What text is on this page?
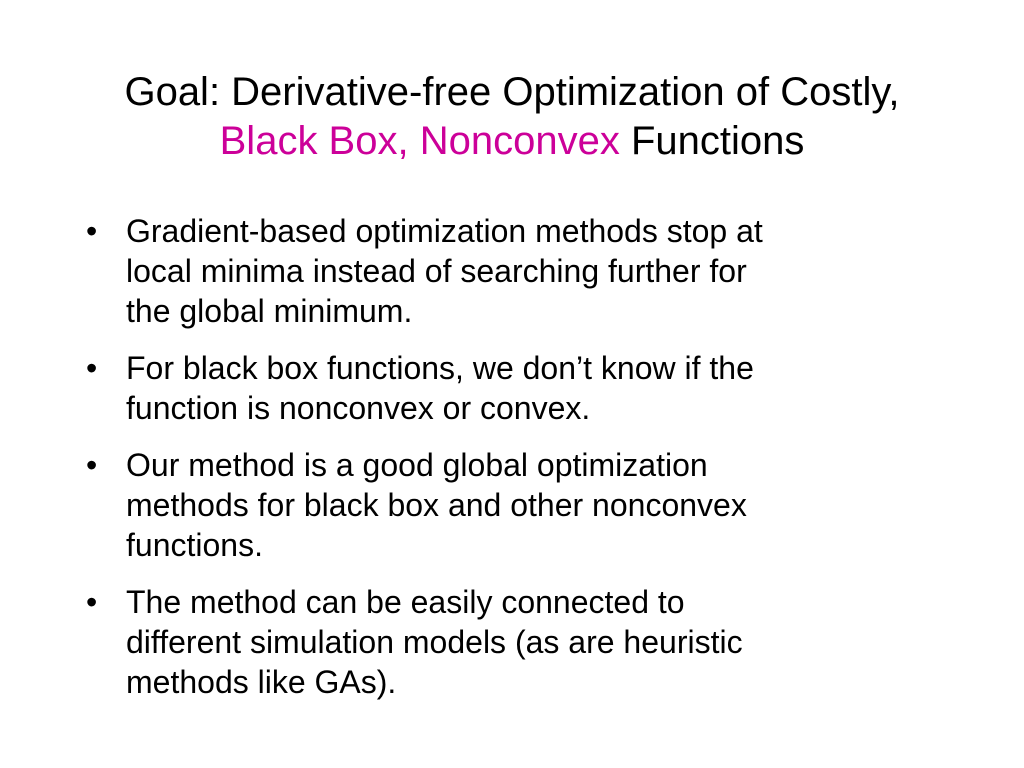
Goal: Derivative-free Optimization of Costly,
Black Box, Nonconvex Functions
• Gradient-based optimization methods stop at
local minima instead of searching further for
the global minimum.
• For black box functions, we don’t know if the
function is nonconvex or convex.
• Our method is a good global optimization
methods for black box and other nonconvex
functions.
• The method can be easily connected to
different simulation models (as are heuristic
methods like GAs).
